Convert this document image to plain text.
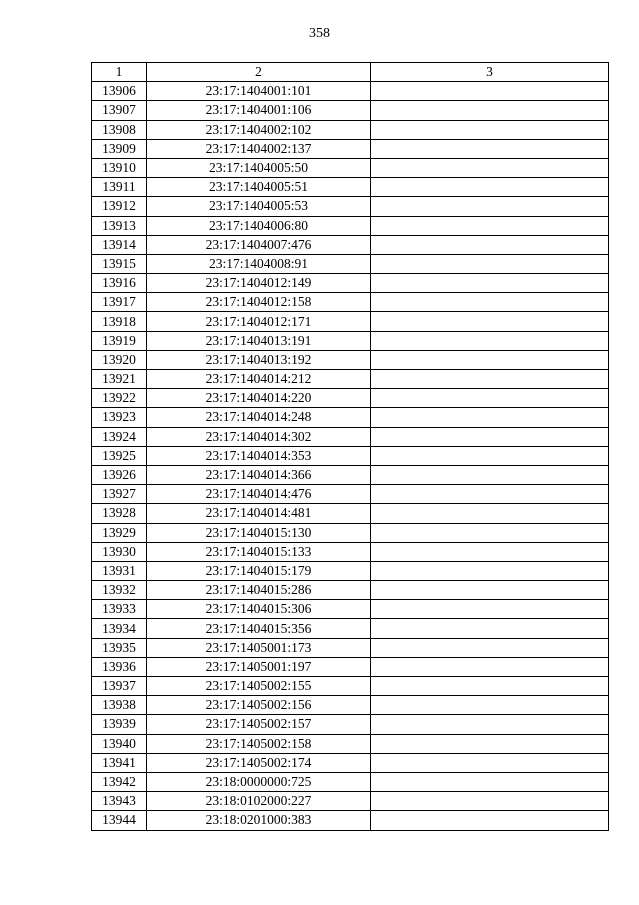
358
1	2	3
13906	23:17:1404001:101	
13907	23:17:1404001:106	
13908	23:17:1404002:102	
13909	23:17:1404002:137	
13910	23:17:1404005:50	
13911	23:17:1404005:51	
13912	23:17:1404005:53	
13913	23:17:1404006:80	
13914	23:17:1404007:476	
13915	23:17:1404008:91	
13916	23:17:1404012:149	
13917	23:17:1404012:158	
13918	23:17:1404012:171	
13919	23:17:1404013:191	
13920	23:17:1404013:192	
13921	23:17:1404014:212	
13922	23:17:1404014:220	
13923	23:17:1404014:248	
13924	23:17:1404014:302	
13925	23:17:1404014:353	
13926	23:17:1404014:366	
13927	23:17:1404014:476	
13928	23:17:1404014:481	
13929	23:17:1404015:130	
13930	23:17:1404015:133	
13931	23:17:1404015:179	
13932	23:17:1404015:286	
13933	23:17:1404015:306	
13934	23:17:1404015:356	
13935	23:17:1405001:173	
13936	23:17:1405001:197	
13937	23:17:1405002:155	
13938	23:17:1405002:156	
13939	23:17:1405002:157	
13940	23:17:1405002:158	
13941	23:17:1405002:174	
13942	23:18:0000000:725	
13943	23:18:0102000:227	
13944	23:18:0201000:383	
